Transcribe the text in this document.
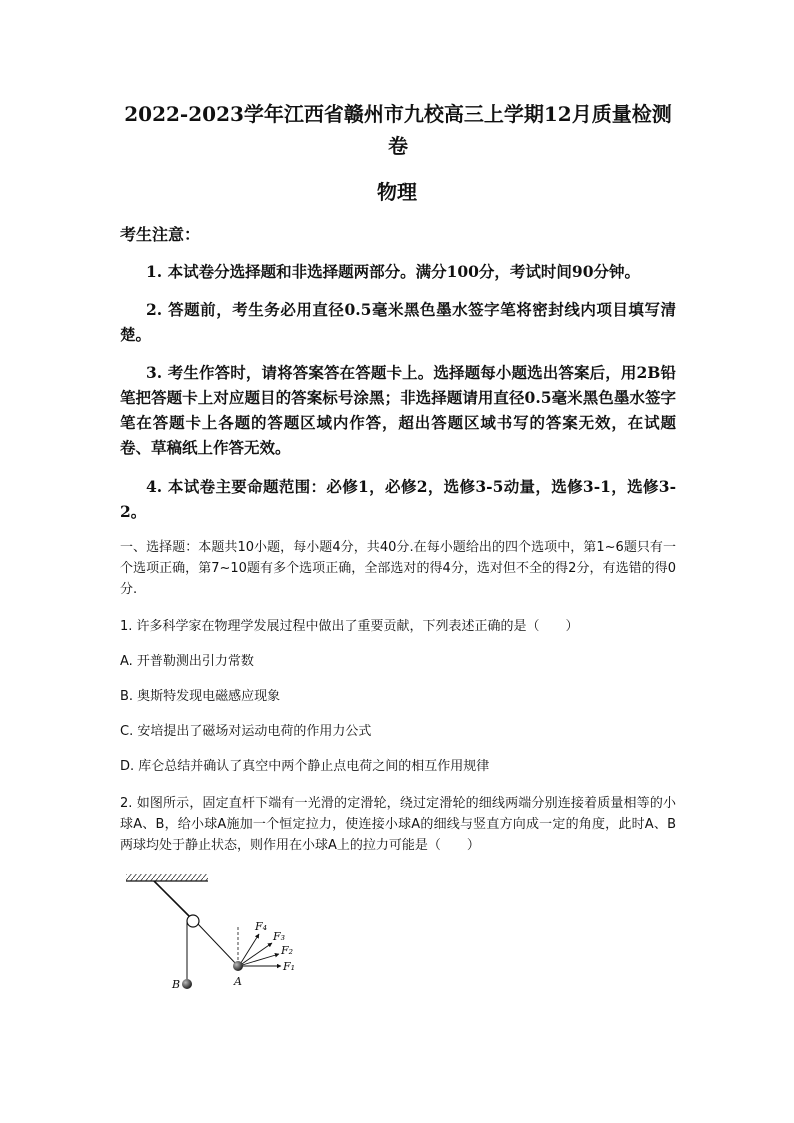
2022-2023学年江西省赣州市九校高三上学期12月质量检测卷
物理
考生注意：
1. 本试卷分选择题和非选择题两部分。满分100分，考试时间90分钟。
2. 答题前，考生务必用直径0.5毫米黑色墨水签字笔将密封线内项目填写清楚。
3. 考生作答时，请将答案答在答题卡上。选择题每小题选出答案后，用2B铅笔把答题卡上对应题目的答案标号涂黑；非选择题请用直径0.5毫米黑色墨水签字笔在答题卡上各题的答题区域内作答，超出答题区域书写的答案无效，在试题卷、草稿纸上作答无效。
4. 本试卷主要命题范围：必修1，必修2，选修3-5动量，选修3-1，选修3-2。
一、选择题：本题共10小题，每小题4分，共40分.在每小题给出的四个选项中，第1~6题只有一个选项正确，第7~10题有多个选项正确，全部选对的得4分，选对但不全的得2分，有选错的得0分.
1. 许多科学家在物理学发展过程中做出了重要贡献，下列表述正确的是（　　）
A. 开普勒测出引力常数
B. 奥斯特发现电磁感应现象
C. 安培提出了磁场对运动电荷的作用力公式
D. 库仑总结并确认了真空中两个静止点电荷之间的相互作用规律
2. 如图所示，固定直杆下端有一光滑的定滑轮，绕过定滑轮的细线两端分别连接着质量相等的小球A、B，给小球A施加一个恒定拉力，使连接小球A的细线与竖直方向成一定的角度，此时A、B两球均处于静止状态，则作用在小球A上的拉力可能是（　　）
A
B
F₄
F₃
F₂
F₁
